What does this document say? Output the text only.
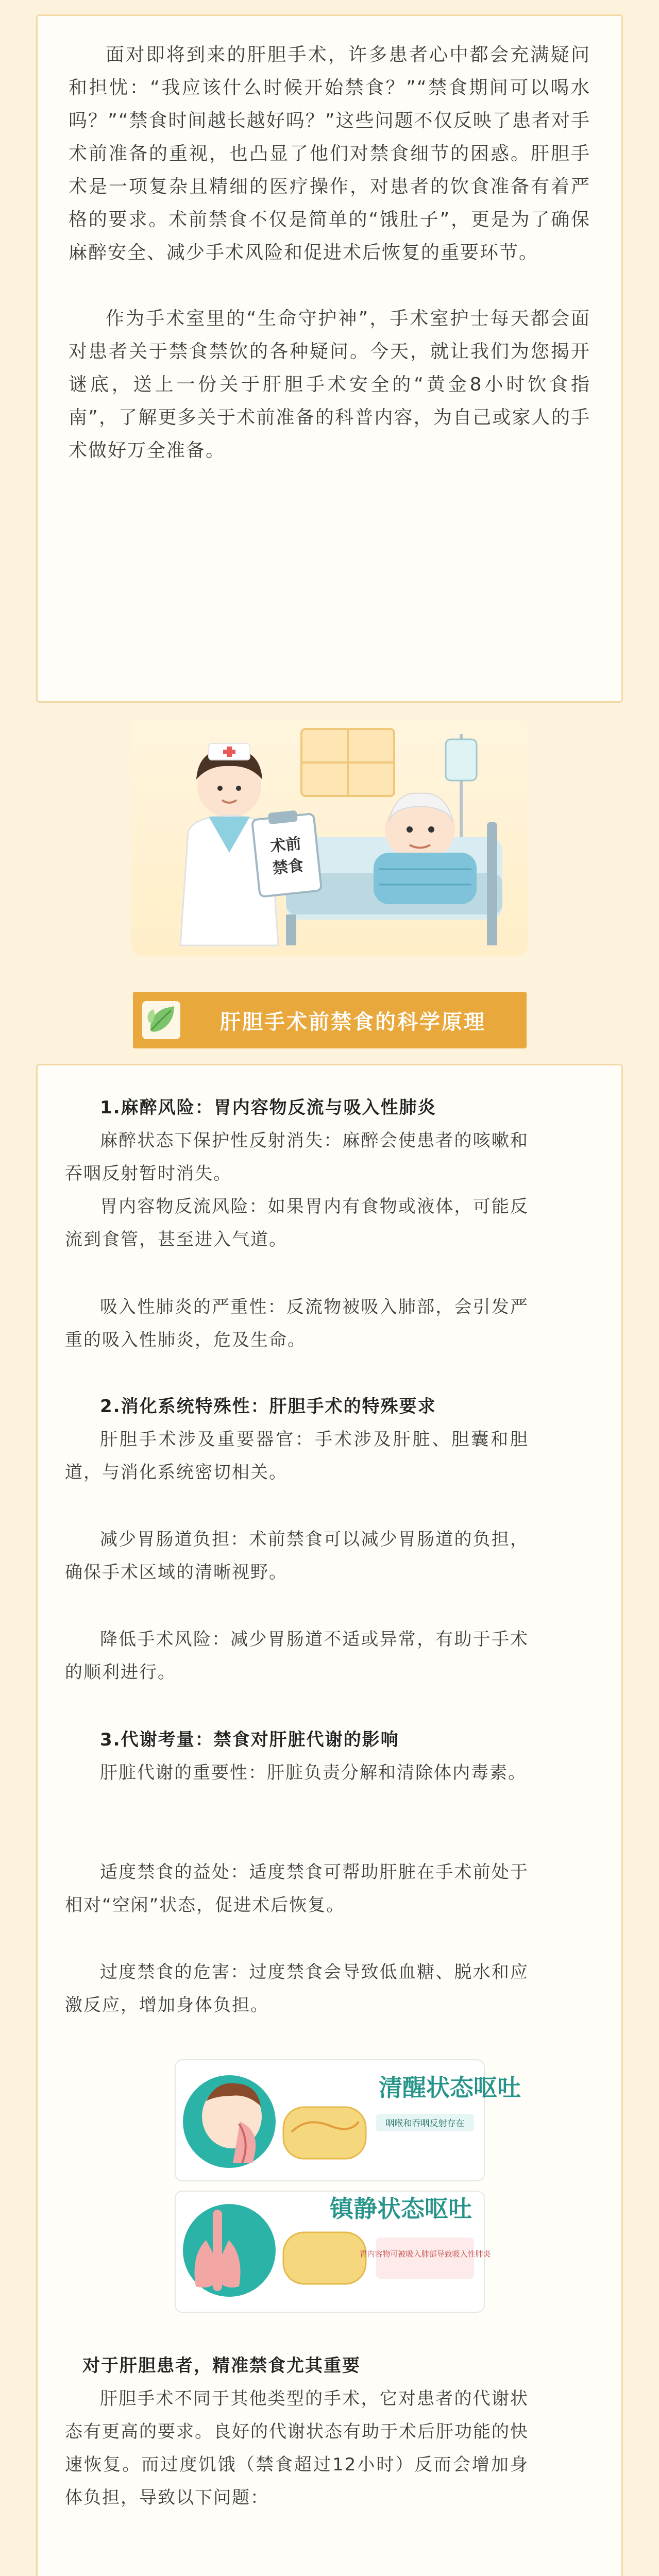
面对即将到来的肝胆手术，许多患者心中都会充满疑问和担忧：“我应该什么时候开始禁食？”“禁食期间可以喝水吗？”“禁食时间越长越好吗？”这些问题不仅反映了患者对手术前准备的重视，也凸显了他们对禁食细节的困惑。肝胆手术是一项复杂且精细的医疗操作，对患者的饮食准备有着严格的要求。术前禁食不仅是简单的“饿肚子”，更是为了确保麻醉安全、减少手术风险和促进术后恢复的重要环节。

作为手术室里的“生命守护神”，手术室护士每天都会面对患者关于禁食禁饮的各种疑问。今天，就让我们为您揭开谜底，送上一份关于肝胆手术安全的“黄金8小时饮食指南”，了解更多关于术前准备的科普内容，为自己或家人的手术做好万全准备。

术前
禁食
肝胆手术前禁食的科学原理
1.麻醉风险：胃内容物反流与吸入性肺炎
麻醉状态下保护性反射消失：麻醉会使患者的咳嗽和吞咽反射暂时消失。
胃内容物反流风险：如果胃内有食物或液体，可能反流到食管，甚至进入气道。
吸入性肺炎的严重性：反流物被吸入肺部，会引发严重的吸入性肺炎，危及生命。
2.消化系统特殊性：肝胆手术的特殊要求
肝胆手术涉及重要器官：手术涉及肝脏、胆囊和胆道，与消化系统密切相关。
减少胃肠道负担：术前禁食可以减少胃肠道的负担，确保手术区域的清晰视野。
降低手术风险：减少胃肠道不适或异常，有助于手术的顺利进行。
3.代谢考量：禁食对肝脏代谢的影响
肝脏代谢的重要性：肝脏负责分解和清除体内毒素。
适度禁食的益处：适度禁食可帮助肝脏在手术前处于相对“空闲”状态，促进术后恢复。
过度禁食的危害：过度禁食会导致低血糖、脱水和应激反应，增加身体负担。
清醒状态呕吐
咽喉和吞咽反射存在
镇静状态呕吐
胃内容物可被吸入肺部导致吸入性肺炎
对于肝胆患者，精准禁食尤其重要
肝胆手术不同于其他类型的手术，它对患者的代谢状态有更高的要求。良好的代谢状态有助于术后肝功能的快速恢复。而过度饥饿（禁食超过12小时）反而会增加身体负担，导致以下问题：
